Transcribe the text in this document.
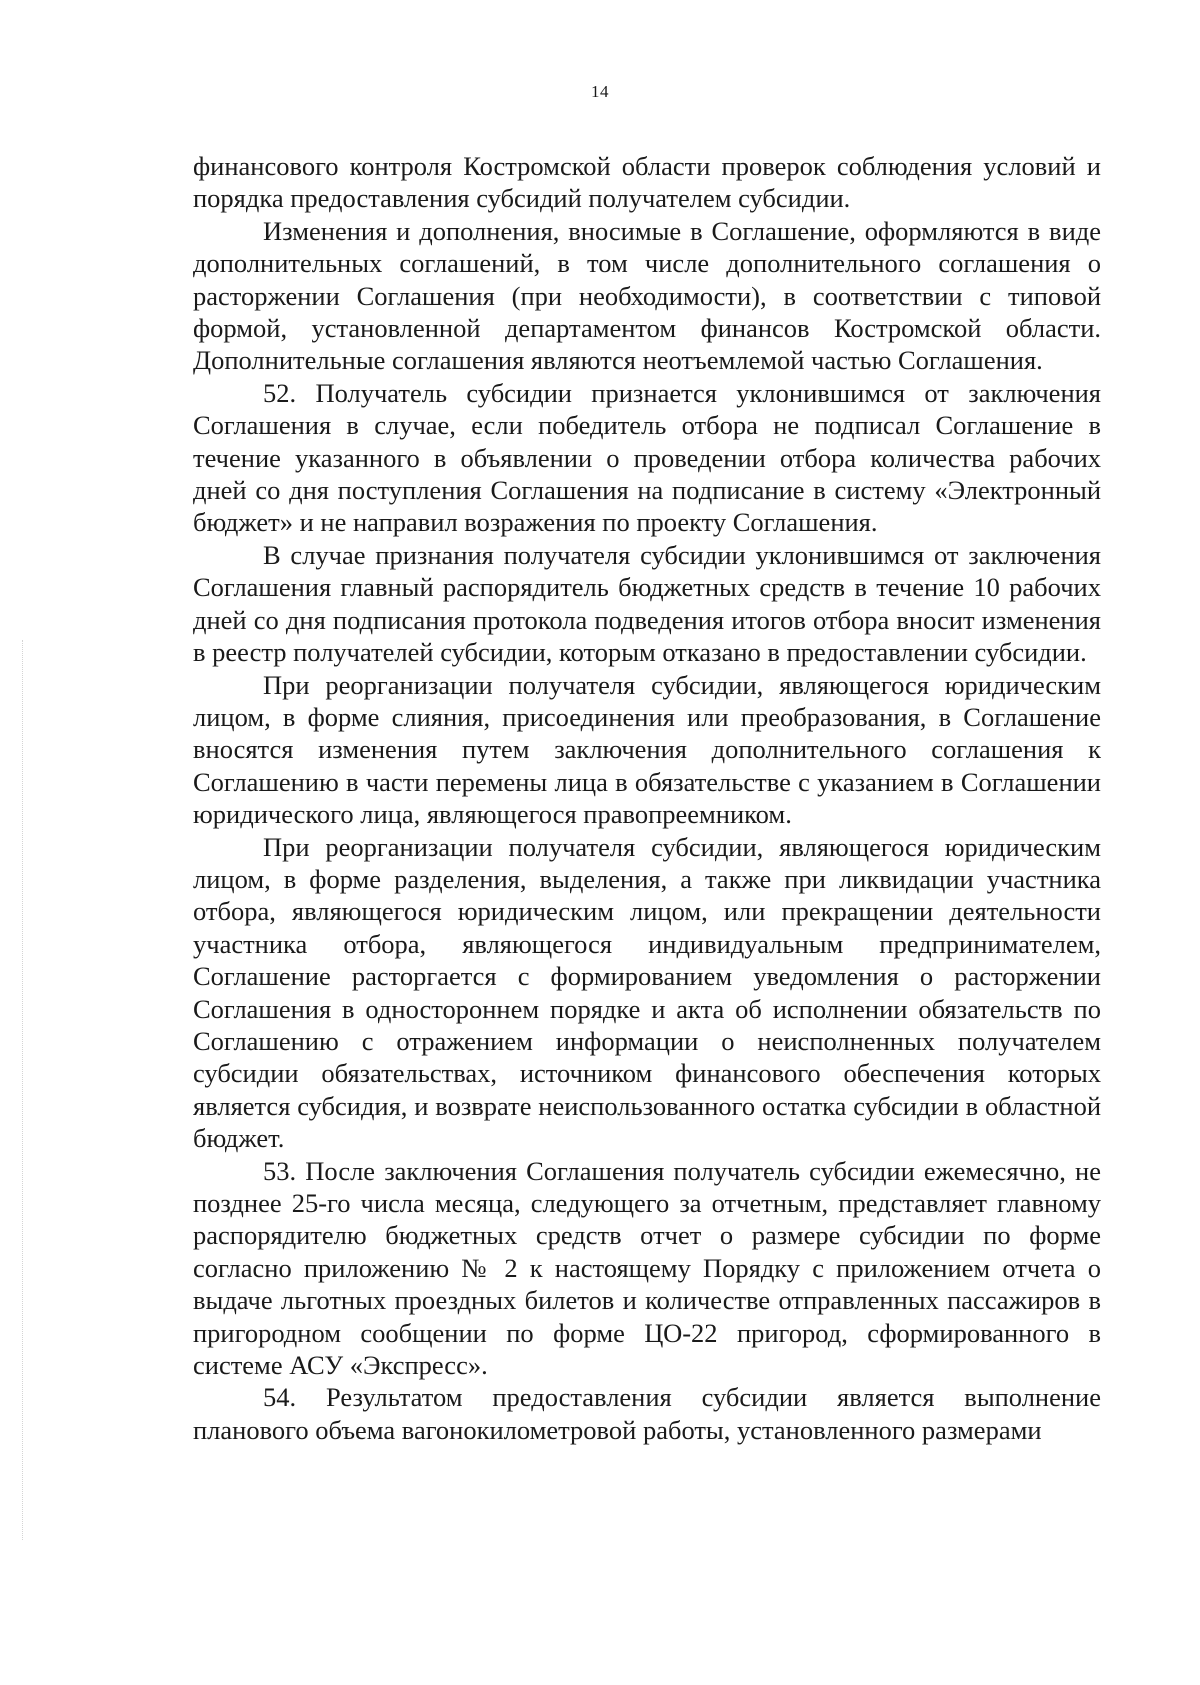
14

финансового контроля Костромской области проверок соблюдения условий и порядка предоставления субсидий получателем субсидии.

Изменения и дополнения, вносимые в Соглашение, оформляются в виде дополнительных соглашений, в том числе дополнительного соглашения о расторжении Соглашения (при необходимости), в соответствии с типовой формой, установленной департаментом финансов Костромской области. Дополнительные соглашения являются неотъемлемой частью Соглашения.

52. Получатель субсидии признается уклонившимся от заключения Соглашения в случае, если победитель отбора не подписал Соглашение в течение указанного в объявлении о проведении отбора количества рабочих дней со дня поступления Соглашения на подписание в систему «Электронный бюджет» и не направил возражения по проекту Соглашения.

В случае признания получателя субсидии уклонившимся от заключения Соглашения главный распорядитель бюджетных средств в течение 10 рабочих дней со дня подписания протокола подведения итогов отбора вносит изменения в реестр получателей субсидии, которым отказано в предоставлении субсидии.

При реорганизации получателя субсидии, являющегося юридическим лицом, в форме слияния, присоединения или преобразования, в Соглашение вносятся изменения путем заключения дополнительного соглашения к Соглашению в части перемены лица в обязательстве с указанием в Соглашении юридического лица, являющегося правопреемником.

При реорганизации получателя субсидии, являющегося юридическим лицом, в форме разделения, выделения, а также при ликвидации участника отбора, являющегося юридическим лицом, или прекращении деятельности участника отбора, являющегося индивидуальным предпринимателем, Соглашение расторгается с формированием уведомления о расторжении Соглашения в одностороннем порядке и акта об исполнении обязательств по Соглашению с отражением информации о неисполненных получателем субсидии обязательствах, источником финансового обеспечения которых является субсидия, и возврате неиспользованного остатка субсидии в областной бюджет.

53. После заключения Соглашения получатель субсидии ежемесячно, не позднее 25-го числа месяца, следующего за отчетным, представляет главному распорядителю бюджетных средств отчет о размере субсидии по форме согласно приложению № 2 к настоящему Порядку с приложением отчета о выдаче льготных проездных билетов и количестве отправленных пассажиров в пригородном сообщении по форме ЦО-22 пригород, сформированного в системе АСУ «Экспресс».

54. Результатом предоставления субсидии является выполнение планового объема вагонокилометровой работы, установленного размерами
